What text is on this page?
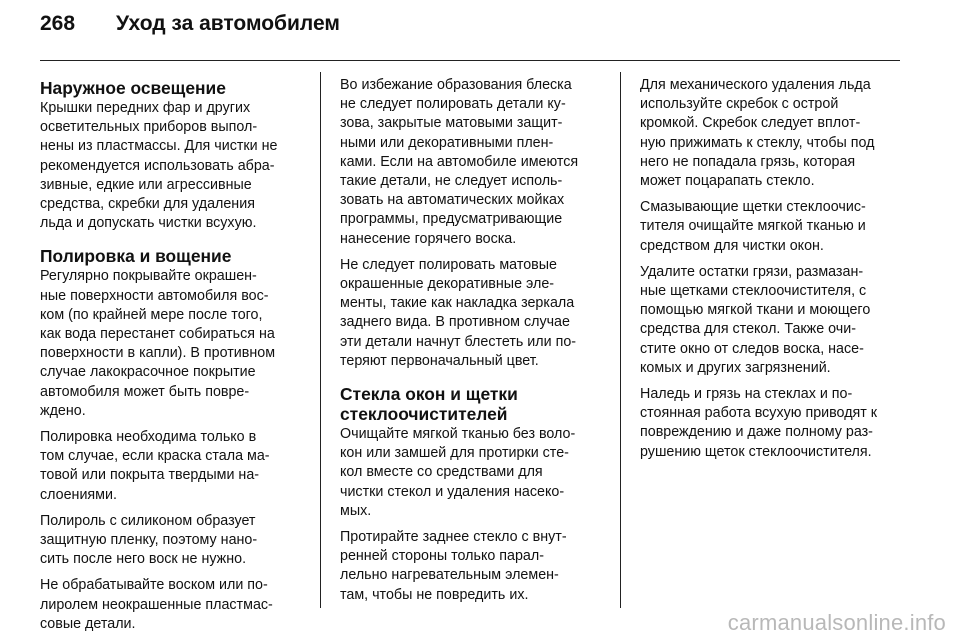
268	Уход за автомобилем
Наружное освещение

Крышки передних фар и других
осветительных приборов выпол-
нены из пластмассы. Для чистки не
рекомендуется использовать абра-
зивные, едкие или агрессивные
средства, скребки для удаления
льда и допускать чистки всухую.

Полировка и вощение

Регулярно покрывайте окрашен-
ные поверхности автомобиля вос-
ком (по крайней мере после того,
как вода перестанет собираться на
поверхности в капли). В противном
случае лакокрасочное покрытие
автомобиля может быть повре-
ждено.

Полировка необходима только в
том случае, если краска стала ма-
товой или покрыта твердыми на-
слоениями.

Полироль с силиконом образует
защитную пленку, поэтому нано-
сить после него воск не нужно.

Не обрабатывайте воском или по-
лиролем неокрашенные пластмас-
совые детали.

Во избежание образования блеска
не следует полировать детали ку-
зова, закрытые матовыми защит-
ными или декоративными плен-
ками. Если на автомобиле имеются
такие детали, не следует исполь-
зовать на автоматических мойках
программы, предусматривающие
нанесение горячего воска.

Не следует полировать матовые
окрашенные декоративные эле-
менты, такие как накладка зеркала
заднего вида. В противном случае
эти детали начнут блестеть или по-
теряют первоначальный цвет.

Стекла окон и щетки
стеклоочистителей

Очищайте мягкой тканью без воло-
кон или замшей для протирки сте-
кол вместе со средствами для
чистки стекол и удаления насеко-
мых.

Протирайте заднее стекло с внут-
ренней стороны только парал-
лельно нагревательным элемен-
там, чтобы не повредить их.

Для механического удаления льда
используйте скребок с острой
кромкой. Скребок следует вплот-
ную прижимать к стеклу, чтобы под
него не попадала грязь, которая
может поцарапать стекло.

Смазывающие щетки стеклоочис-
тителя очищайте мягкой тканью и
средством для чистки окон.

Удалите остатки грязи, размазан-
ные щетками стеклоочистителя, с
помощью мягкой ткани и моющего
средства для стекол. Также очи-
стите окно от следов воска, насе-
комых и других загрязнений.

Наледь и грязь на стеклах и по-
стоянная работа всухую приводят к
повреждению и даже полному раз-
рушению щеток стеклоочистителя.

carmanualsonline.info
